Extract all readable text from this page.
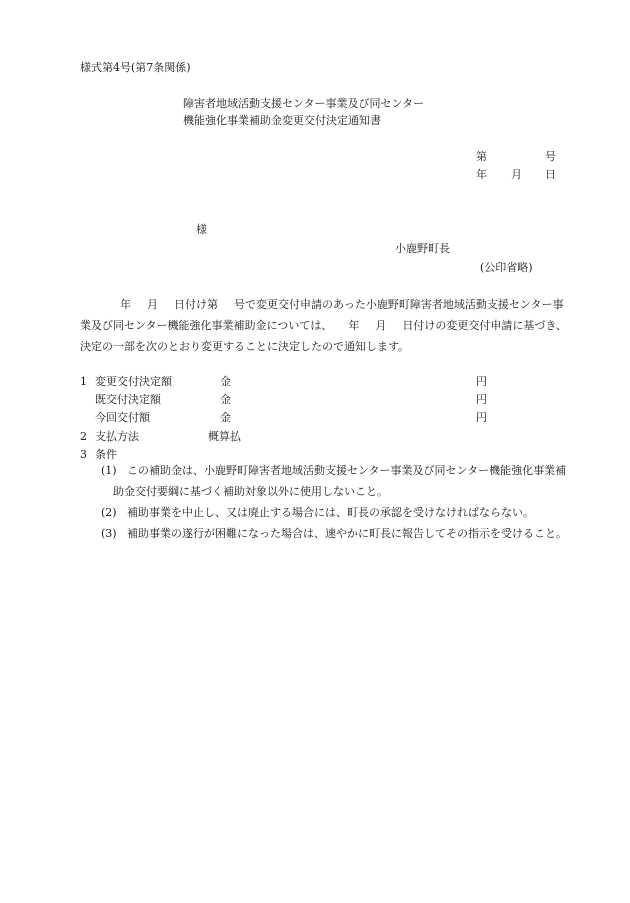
様式第4号(第7条関係)
障害者地域活動支援センター事業及び同センター
機能強化事業補助金変更交付決定通知書
第	号
年 月 日
様
小鹿野町長
(公印省略)
年 月 日付け第 号で変更交付申請のあった小鹿野町障害者地域活動支援センター事業及び同センター機能強化事業補助金については、 年 月 日付けの変更交付申請に基づき、決定の一部を次のとおり変更することに決定したので通知します。
1 変更交付決定額	金	円
既交付決定額	金	円
今回交付額	金	円
2 支払方法	概算払
3 条件
(1) この補助金は、小鹿野町障害者地域活動支援センター事業及び同センター機能強化事業補助金交付要綱に基づく補助対象以外に使用しないこと。
(2) 補助事業を中止し、又は廃止する場合には、町長の承認を受けなければならない。
(3) 補助事業の遂行が困難になった場合は、速やかに町長に報告してその指示を受けること。
